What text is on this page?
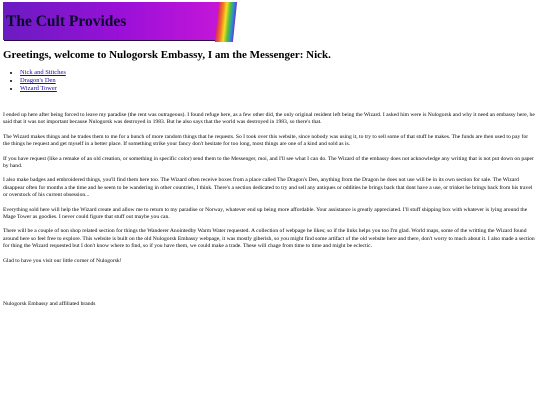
The Cult Provides
Greetings, welcome to Nulogorsk Embassy, I am the Messenger: Nick.
• Nick and Stitches
• Dragon's Den
• Wizard Tower

I ended up here after being forced to leave my paradise (the rent was outrageous). I found refuge here, as a few other did, the only original resident left being the Wizard. I asked him were is Nulogorsk and why it need an embassy here, he said that it was not important because Nulogorsk was destroyed in 1983. But he also says that the world was destroyed in 1983, so there's that.

The Wizard makes things and he trades them to me for a bunch of more random things that he requests. So I took over this website, since nobody was using it, to try to sell some of that stuff he makes. The funds are then used to pay for the things he request and get myself in a better place. If something strike your fancy don't hesitate for too long, most things are one of a kind and sold as is.

If you have request (like a remake of an old creation, or something in specific color) send them to the Messenger, moi, and I'll see what I can do. The Wizard of the embassy does not acknowledge any writing that is not put down on paper by hand.

I also make badges and embroidered things, you'll find them here too. The Wizard often receive boxes from a place called The Dragon's Den, anything from the Dragon he does not use will be in its own section for sale. The Wizard disappear often for months a the time and he seem to be wandering in other countries, I think. There's a section dedicated to try and sell any antiques or oddities he brings back that dont have a use, or trinket he brings back from his travel or overstock of his current obsession...

Everything sold here will help the Wizard create and allow me to return to my paradise or Norway, whatever end up being more affordable. Your assistance is greatly appreciated. I'll stuff shipping box with whatever is lying around the Mage Tower as goodies. I never could figure that stuff out maybe you can.

There will be a couple of non shop related section for things the Wanderer Anointedby Warm Water requested. A collection of webpage he likes; so if the links helps you too I'm glad. World maps, some of the writting the Wizard found around here so feel free to explore. This website is built on the old Nulogorsk Embassy webpage, it was mostly giberish, so you might find some artifact of the old website here and there, don't worry to much about it. I also made a section for thing the Wizard requested but I don't know where to find, so if you have them, we could make a trade. These will chage from time to time and might be eclectic.

Glad to have you visit our little corner of Nulogorsk!

Nulogorsk Embassy and affiliated brands
